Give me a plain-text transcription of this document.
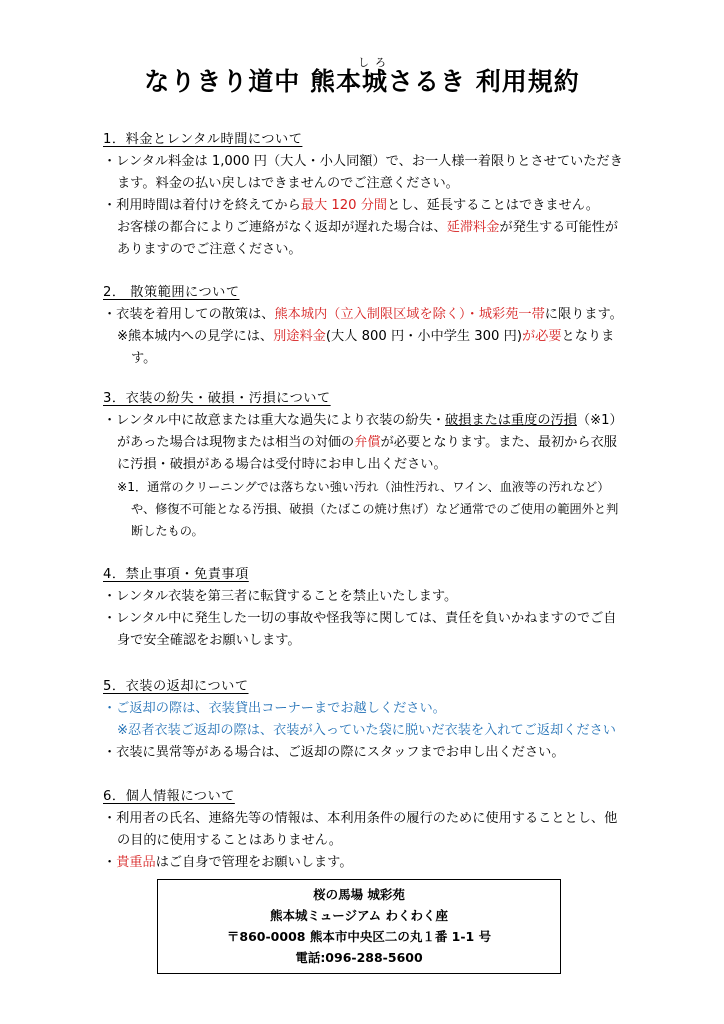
なりきり道中 熊本城しろさるき 利用規約
1．料金とレンタル時間について
・レンタル料金は 1,000 円（大人・小人同額）で、お一人様一着限りとさせていただき
ます。料金の払い戻しはできませんのでご注意ください。
・利用時間は着付けを終えてから最大 120 分間とし、延長することはできません。
お客様の都合によりご連絡がなく返却が遅れた場合は、延滞料金が発生する可能性が
ありますのでご注意ください。
2． 散策範囲について
・衣装を着用しての散策は、熊本城内（立入制限区域を除く）・城彩苑一帯に限ります。
※熊本城内への見学には、別途料金(大人 800 円・小中学生 300 円)が必要となりま
す。
3．衣装の紛失・破損・汚損について
・レンタル中に故意または重大な過失により衣装の紛失・破損または重度の汚損（※1）
があった場合は現物または相当の対価の弁償が必要となります。また、最初から衣服
に汚損・破損がある場合は受付時にお申し出ください。
※1．通常のクリーニングでは落ちない強い汚れ（油性汚れ、ワイン、血液等の汚れなど）
や、修復不可能となる汚損、破損（たばこの焼け焦げ）など通常でのご使用の範囲外と判
断したもの。
4．禁止事項・免責事項
・レンタル衣装を第三者に転貸することを禁止いたします。
・レンタル中に発生した一切の事故や怪我等に関しては、責任を負いかねますのでご自
身で安全確認をお願いします。
5．衣装の返却について
・ご返却の際は、衣装貸出コーナーまでお越しください。
※忍者衣装ご返却の際は、衣装が入っていた袋に脱いだ衣装を入れてご返却ください
・衣装に異常等がある場合は、ご返却の際にスタッフまでお申し出ください。
6．個人情報について
・利用者の氏名、連絡先等の情報は、本利用条件の履行のために使用することとし、他
の目的に使用することはありません。
・貴重品はご自身で管理をお願いします。
桜の馬場 城彩苑
熊本城ミュージアム わくわく座
〒860-0008 熊本市中央区二の丸１番 1-1 号
電話:096-288-5600
